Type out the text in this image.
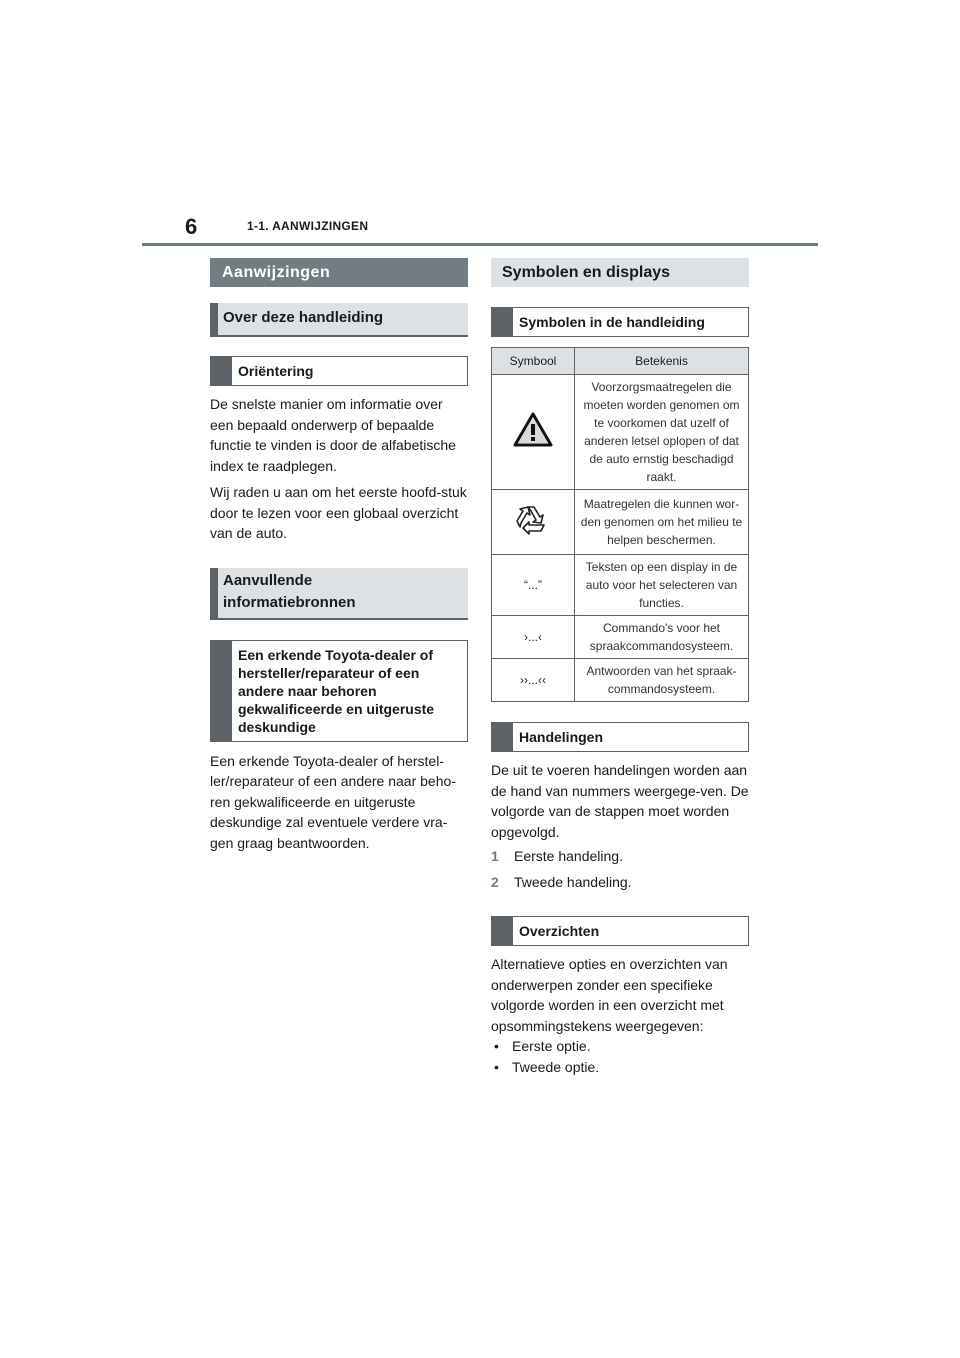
6	1-1. AANWIJZINGEN
Aanwijzingen
Over deze handleiding
Oriëntering

De snelste manier om informatie over een bepaald onderwerp of bepaalde functie te vinden is door de alfabetische index te raadplegen.

Wij raden u aan om het eerste hoofd-stuk door te lezen voor een globaal overzicht van de auto.

Aanvullende
informatiebronnen
Een erkende Toyota-dealer of hersteller/reparateur of een andere naar behoren gekwalificeerde en uitgeruste deskundige

Een erkende Toyota-dealer of herstel-ler/reparateur of een andere naar beho-ren gekwalificeerde en uitgeruste deskundige zal eventuele verdere vra-gen graag beantwoorden.

Symbolen en displays
Symbolen in de handleiding
Symbool	Betekenis
	Voorzorgsmaatregelen die moeten worden genomen om te voorkomen dat uzelf of anderen letsel oplopen of dat de auto ernstig beschadigd raakt.
	Maatregelen die kunnen wor-den genomen om het milieu te helpen beschermen.
“...”	Teksten op een display in de auto voor het selecteren van functies.
›...‹	Commando's voor het spraakcommandosysteem.
››...‹‹	Antwoorden van het spraak-commandosysteem.
Handelingen

De uit te voeren handelingen worden aan de hand van nummers weergege-ven. De volgorde van de stappen moet worden opgevolgd.

1	Eerste handeling.
2	Tweede handeling.
Overzichten

Alternatieve opties en overzichten van onderwerpen zonder een specifieke volgorde worden in een overzicht met opsommingstekens weergegeven:

• Eerste optie.
• Tweede optie.
